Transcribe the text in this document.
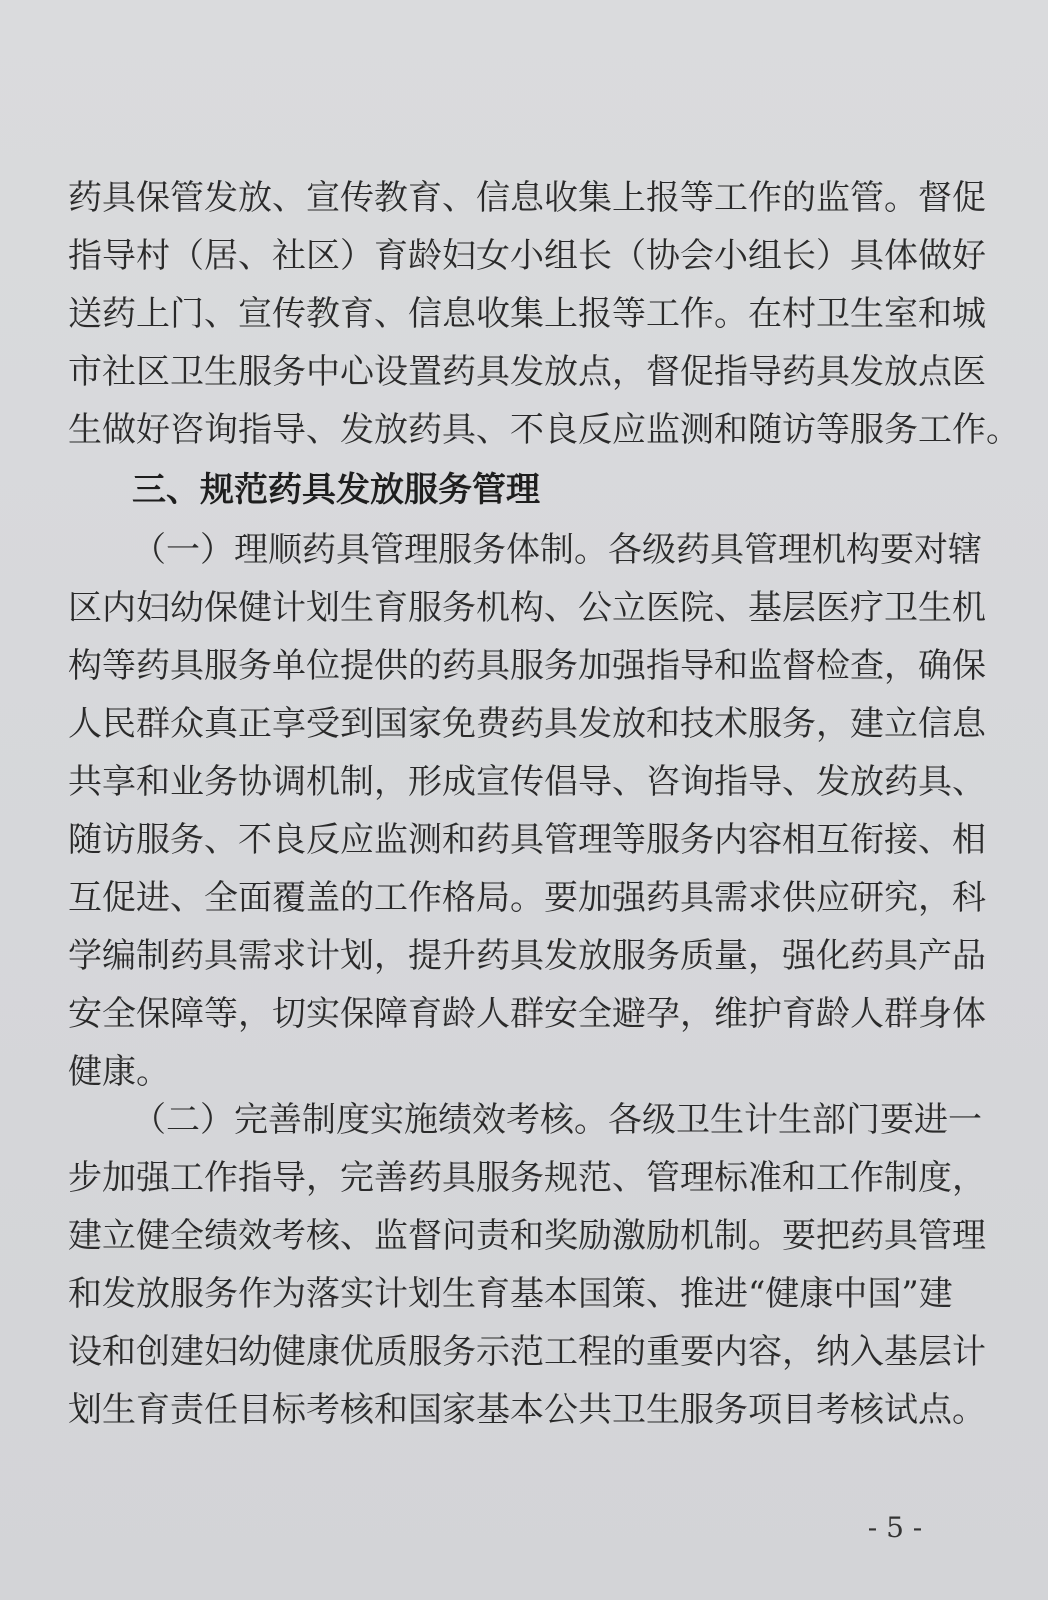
药具保管发放、宣传教育、信息收集上报等工作的监管。督促
指导村（居、社区）育龄妇女小组长（协会小组长）具体做好
送药上门、宣传教育、信息收集上报等工作。在村卫生室和城
市社区卫生服务中心设置药具发放点，督促指导药具发放点医
生做好咨询指导、发放药具、不良反应监测和随访等服务工作。
三、规范药具发放服务管理
（一）理顺药具管理服务体制。各级药具管理机构要对辖
区内妇幼保健计划生育服务机构、公立医院、基层医疗卫生机
构等药具服务单位提供的药具服务加强指导和监督检查，确保
人民群众真正享受到国家免费药具发放和技术服务，建立信息
共享和业务协调机制，形成宣传倡导、咨询指导、发放药具、
随访服务、不良反应监测和药具管理等服务内容相互衔接、相
互促进、全面覆盖的工作格局。要加强药具需求供应研究，科
学编制药具需求计划，提升药具发放服务质量，强化药具产品
安全保障等，切实保障育龄人群安全避孕，维护育龄人群身体
健康。
（二）完善制度实施绩效考核。各级卫生计生部门要进一
步加强工作指导，完善药具服务规范、管理标准和工作制度，
建立健全绩效考核、监督问责和奖励激励机制。要把药具管理
和发放服务作为落实计划生育基本国策、推进“健康中国”建
设和创建妇幼健康优质服务示范工程的重要内容，纳入基层计
划生育责任目标考核和国家基本公共卫生服务项目考核试点。
- 5 -
